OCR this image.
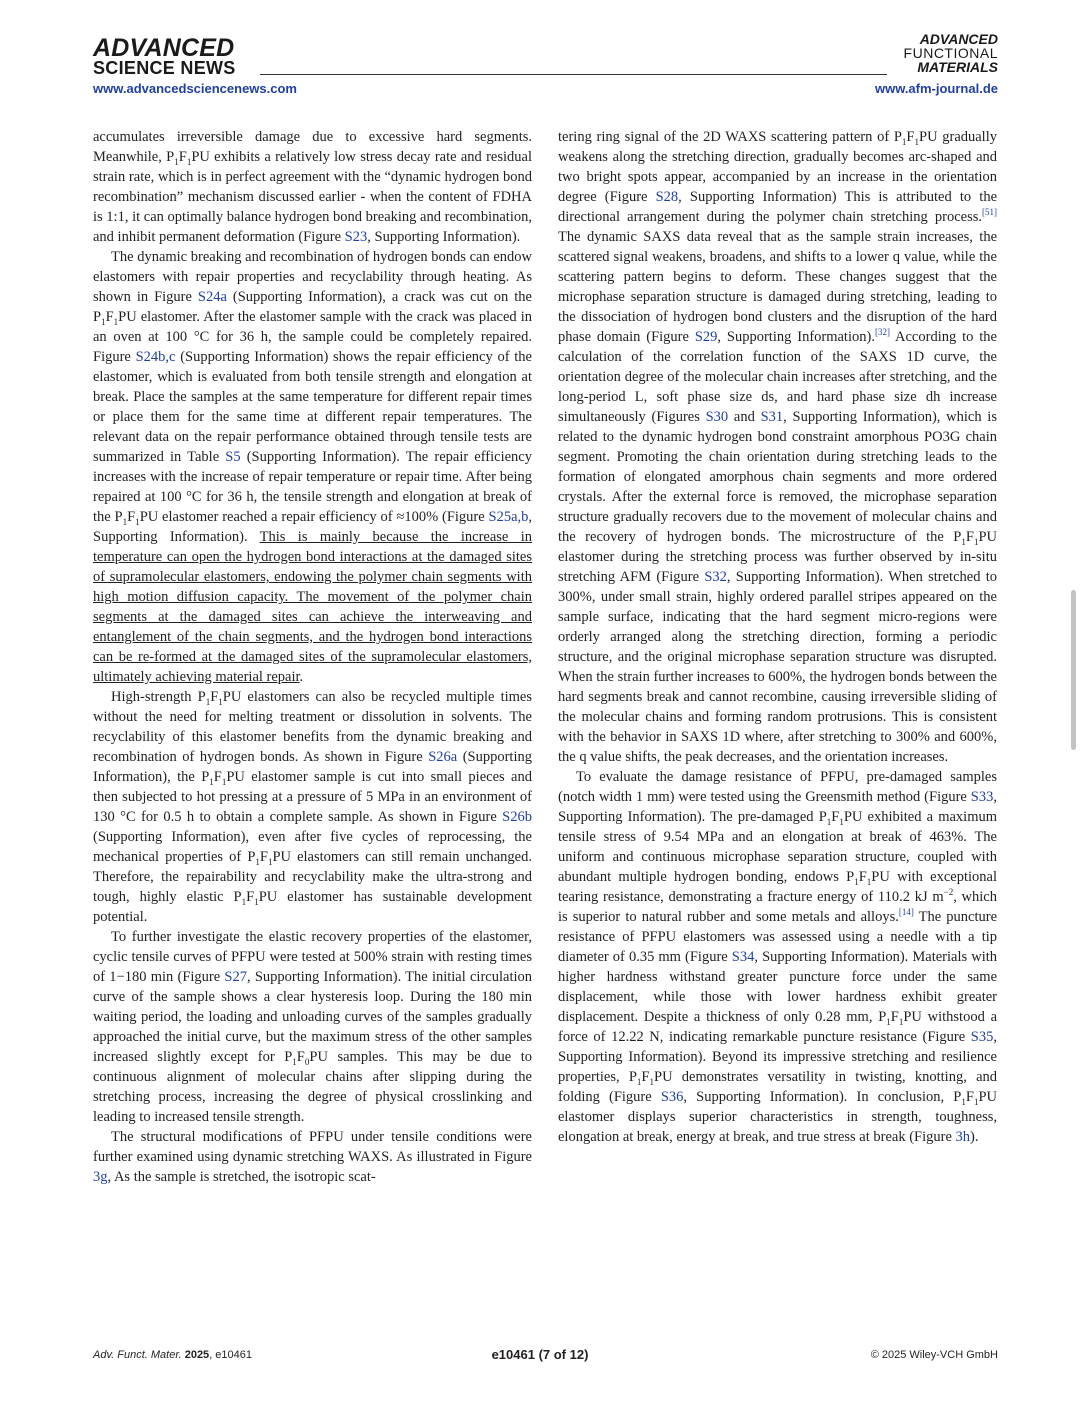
ADVANCED
SCIENCE NEWS
ADVANCED
FUNCTIONAL
MATERIALS
www.advancedsciencenews.com	www.afm-journal.de

accumulates irreversible damage due to excessive hard segments. Meanwhile, $P_1F_1PU$ exhibits a relatively low stress decay rate and residual strain rate, which is in perfect agreement with the “dynamic hydrogen bond recombination” mechanism discussed earlier - when the content of FDHA is 1:1, it can optimally balance hydrogen bond breaking and recombination, and inhibit permanent deformation (Figure S23, Supporting Information).

The dynamic breaking and recombination of hydrogen bonds can endow elastomers with repair properties and recyclability through heating. As shown in Figure S24a (Supporting Information), a crack was cut on the $P_1F_1PU$ elastomer. After the elastomer sample with the crack was placed in an oven at 100 °C for 36 h, the sample could be completely repaired. Figure S24b,c (Supporting Information) shows the repair efficiency of the elastomer, which is evaluated from both tensile strength and elongation at break. Place the samples at the same temperature for different repair times or place them for the same time at different repair temperatures. The relevant data on the repair performance obtained through tensile tests are summarized in Table S5 (Supporting Information). The repair efficiency increases with the increase of repair temperature or repair time. After being repaired at 100 °C for 36 h, the tensile strength and elongation at break of the $P_1F_1PU$ elastomer reached a repair efficiency of ≈100% (Figure S25a,b, Supporting Information). This is mainly because the increase in temperature can open the hydrogen bond interactions at the damaged sites of supramolecular elastomers, endowing the polymer chain segments with high motion diffusion capacity. The movement of the polymer chain segments at the damaged sites can achieve the interweaving and entanglement of the chain segments, and the hydrogen bond interactions can be re-formed at the damaged sites of the supramolecular elastomers, ultimately achieving material repair.

High-strength $P_1F_1PU$ elastomers can also be recycled multiple times without the need for melting treatment or dissolution in solvents. The recyclability of this elastomer benefits from the dynamic breaking and recombination of hydrogen bonds. As shown in Figure S26a (Supporting Information), the $P_1F_1PU$ elastomer sample is cut into small pieces and then subjected to hot pressing at a pressure of 5 MPa in an environment of 130 °C for 0.5 h to obtain a complete sample. As shown in Figure S26b (Supporting Information), even after five cycles of reprocessing, the mechanical properties of $P_1F_1PU$ elastomers can still remain unchanged. Therefore, the repairability and recyclability make the ultra-strong and tough, highly elastic $P_1F_1PU$ elastomer has sustainable development potential.

To further investigate the elastic recovery properties of the elastomer, cyclic tensile curves of PFPU were tested at 500% strain with resting times of 1−180 min (Figure S27, Supporting Information). The initial circulation curve of the sample shows a clear hysteresis loop. During the 180 min waiting period, the loading and unloading curves of the samples gradually approached the initial curve, but the maximum stress of the other samples increased slightly except for $P_1F_0PU$ samples. This may be due to continuous alignment of molecular chains after slipping during the stretching process, increasing the degree of physical crosslinking and leading to increased tensile strength.

The structural modifications of PFPU under tensile conditions were further examined using dynamic stretching WAXS. As illustrated in Figure 3g, As the sample is stretched, the isotropic scat-

tering ring signal of the 2D WAXS scattering pattern of $P_1F_1PU$ gradually weakens along the stretching direction, gradually becomes arc-shaped and two bright spots appear, accompanied by an increase in the orientation degree (Figure S28, Supporting Information) This is attributed to the directional arrangement during the polymer chain stretching process.[51] The dynamic SAXS data reveal that as the sample strain increases, the scattered signal weakens, broadens, and shifts to a lower q value, while the scattering pattern begins to deform. These changes suggest that the microphase separation structure is damaged during stretching, leading to the dissociation of hydrogen bond clusters and the disruption of the hard phase domain (Figure S29, Supporting Information).[32] According to the calculation of the correlation function of the SAXS 1D curve, the orientation degree of the molecular chain increases after stretching, and the long-period L, soft phase size ds, and hard phase size dh increase simultaneously (Figures S30 and S31, Supporting Information), which is related to the dynamic hydrogen bond constraint amorphous PO3G chain segment. Promoting the chain orientation during stretching leads to the formation of elongated amorphous chain segments and more ordered crystals. After the external force is removed, the microphase separation structure gradually recovers due to the movement of molecular chains and the recovery of hydrogen bonds. The microstructure of the $P_1F_1PU$ elastomer during the stretching process was further observed by in-situ stretching AFM (Figure S32, Supporting Information). When stretched to 300%, under small strain, highly ordered parallel stripes appeared on the sample surface, indicating that the hard segment micro-regions were orderly arranged along the stretching direction, forming a periodic structure, and the original microphase separation structure was disrupted. When the strain further increases to 600%, the hydrogen bonds between the hard segments break and cannot recombine, causing irreversible sliding of the molecular chains and forming random protrusions. This is consistent with the behavior in SAXS 1D where, after stretching to 300% and 600%, the q value shifts, the peak decreases, and the orientation increases.

To evaluate the damage resistance of PFPU, pre-damaged samples (notch width 1 mm) were tested using the Greensmith method (Figure S33, Supporting Information). The pre-damaged $P_1F_1PU$ exhibited a maximum tensile stress of 9.54 MPa and an elongation at break of 463%. The uniform and continuous microphase separation structure, coupled with abundant multiple hydrogen bonding, endows $P_1F_1PU$ with exceptional tearing resistance, demonstrating a fracture energy of 110.2 kJ $m^{-2}$, which is superior to natural rubber and some metals and alloys.[14] The puncture resistance of PFPU elastomers was assessed using a needle with a tip diameter of 0.35 mm (Figure S34, Supporting Information). Materials with higher hardness withstand greater puncture force under the same displacement, while those with lower hardness exhibit greater displacement. Despite a thickness of only 0.28 mm, $P_1F_1PU$ withstood a force of 12.22 N, indicating remarkable puncture resistance (Figure S35, Supporting Information). Beyond its impressive stretching and resilience properties, $P_1F_1PU$ demonstrates versatility in twisting, knotting, and folding (Figure S36, Supporting Information). In conclusion, $P_1F_1PU$ elastomer displays superior characteristics in strength, toughness, elongation at break, energy at break, and true stress at break (Figure 3h).

Adv. Funct. Mater. 2025, e10461	e10461 (7 of 12)	© 2025 Wiley-VCH GmbH
